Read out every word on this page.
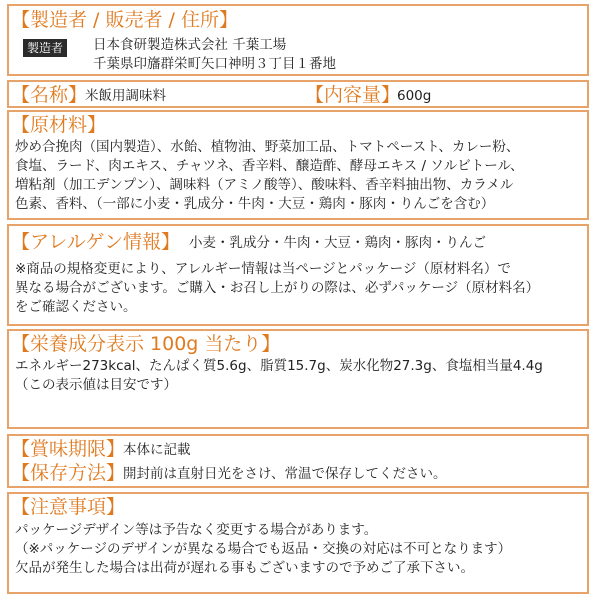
【製造者 / 販売者 / 住所】
製造者 日本食研製造株式会社 千葉工場
千葉県印旛群栄町矢口神明３丁目１番地
【名称】
米飯用調味料	【内容量】
600g
【原材料】
炒め合挽肉（国内製造）、水飴、植物油、野菜加工品、トマトペースト、カレー粉、
食塩、ラード、肉エキス、チャツネ、香辛料、醸造酢、酵母エキス / ソルビトール、
増粘剤（加工デンプン）、調味料（アミノ酸等）、酸味料、香辛料抽出物、カラメル
色素、香料、（一部に小麦・乳成分・牛肉・大豆・鶏肉・豚肉・りんごを含む）
【アレルゲン情報】 小麦・乳成分・牛肉・大豆・鶏肉・豚肉・りんご
※商品の規格変更により、アレルギー情報は当ページとパッケージ（原材料名）で
異なる場合がございます。ご購入・お召し上がりの際は、必ずパッケージ（原材料名）
をご確認ください。
【栄養成分表示 100g 当たり】
エネルギー273kcal、たんぱく質5.6g、脂質15.7g、炭水化物27.3g、食塩相当量4.4g
（この表示値は目安です）
【賞味期限】
本体に記載
【保存方法】
開封前は直射日光をさけ、常温で保存してください。
【注意事項】
パッケージデザイン等は予告なく変更する場合があります。
（※パッケージのデザインが異なる場合でも返品・交換の対応は不可となります）
欠品が発生した場合は出荷が遅れる事もございますので予めご了承下さい。
